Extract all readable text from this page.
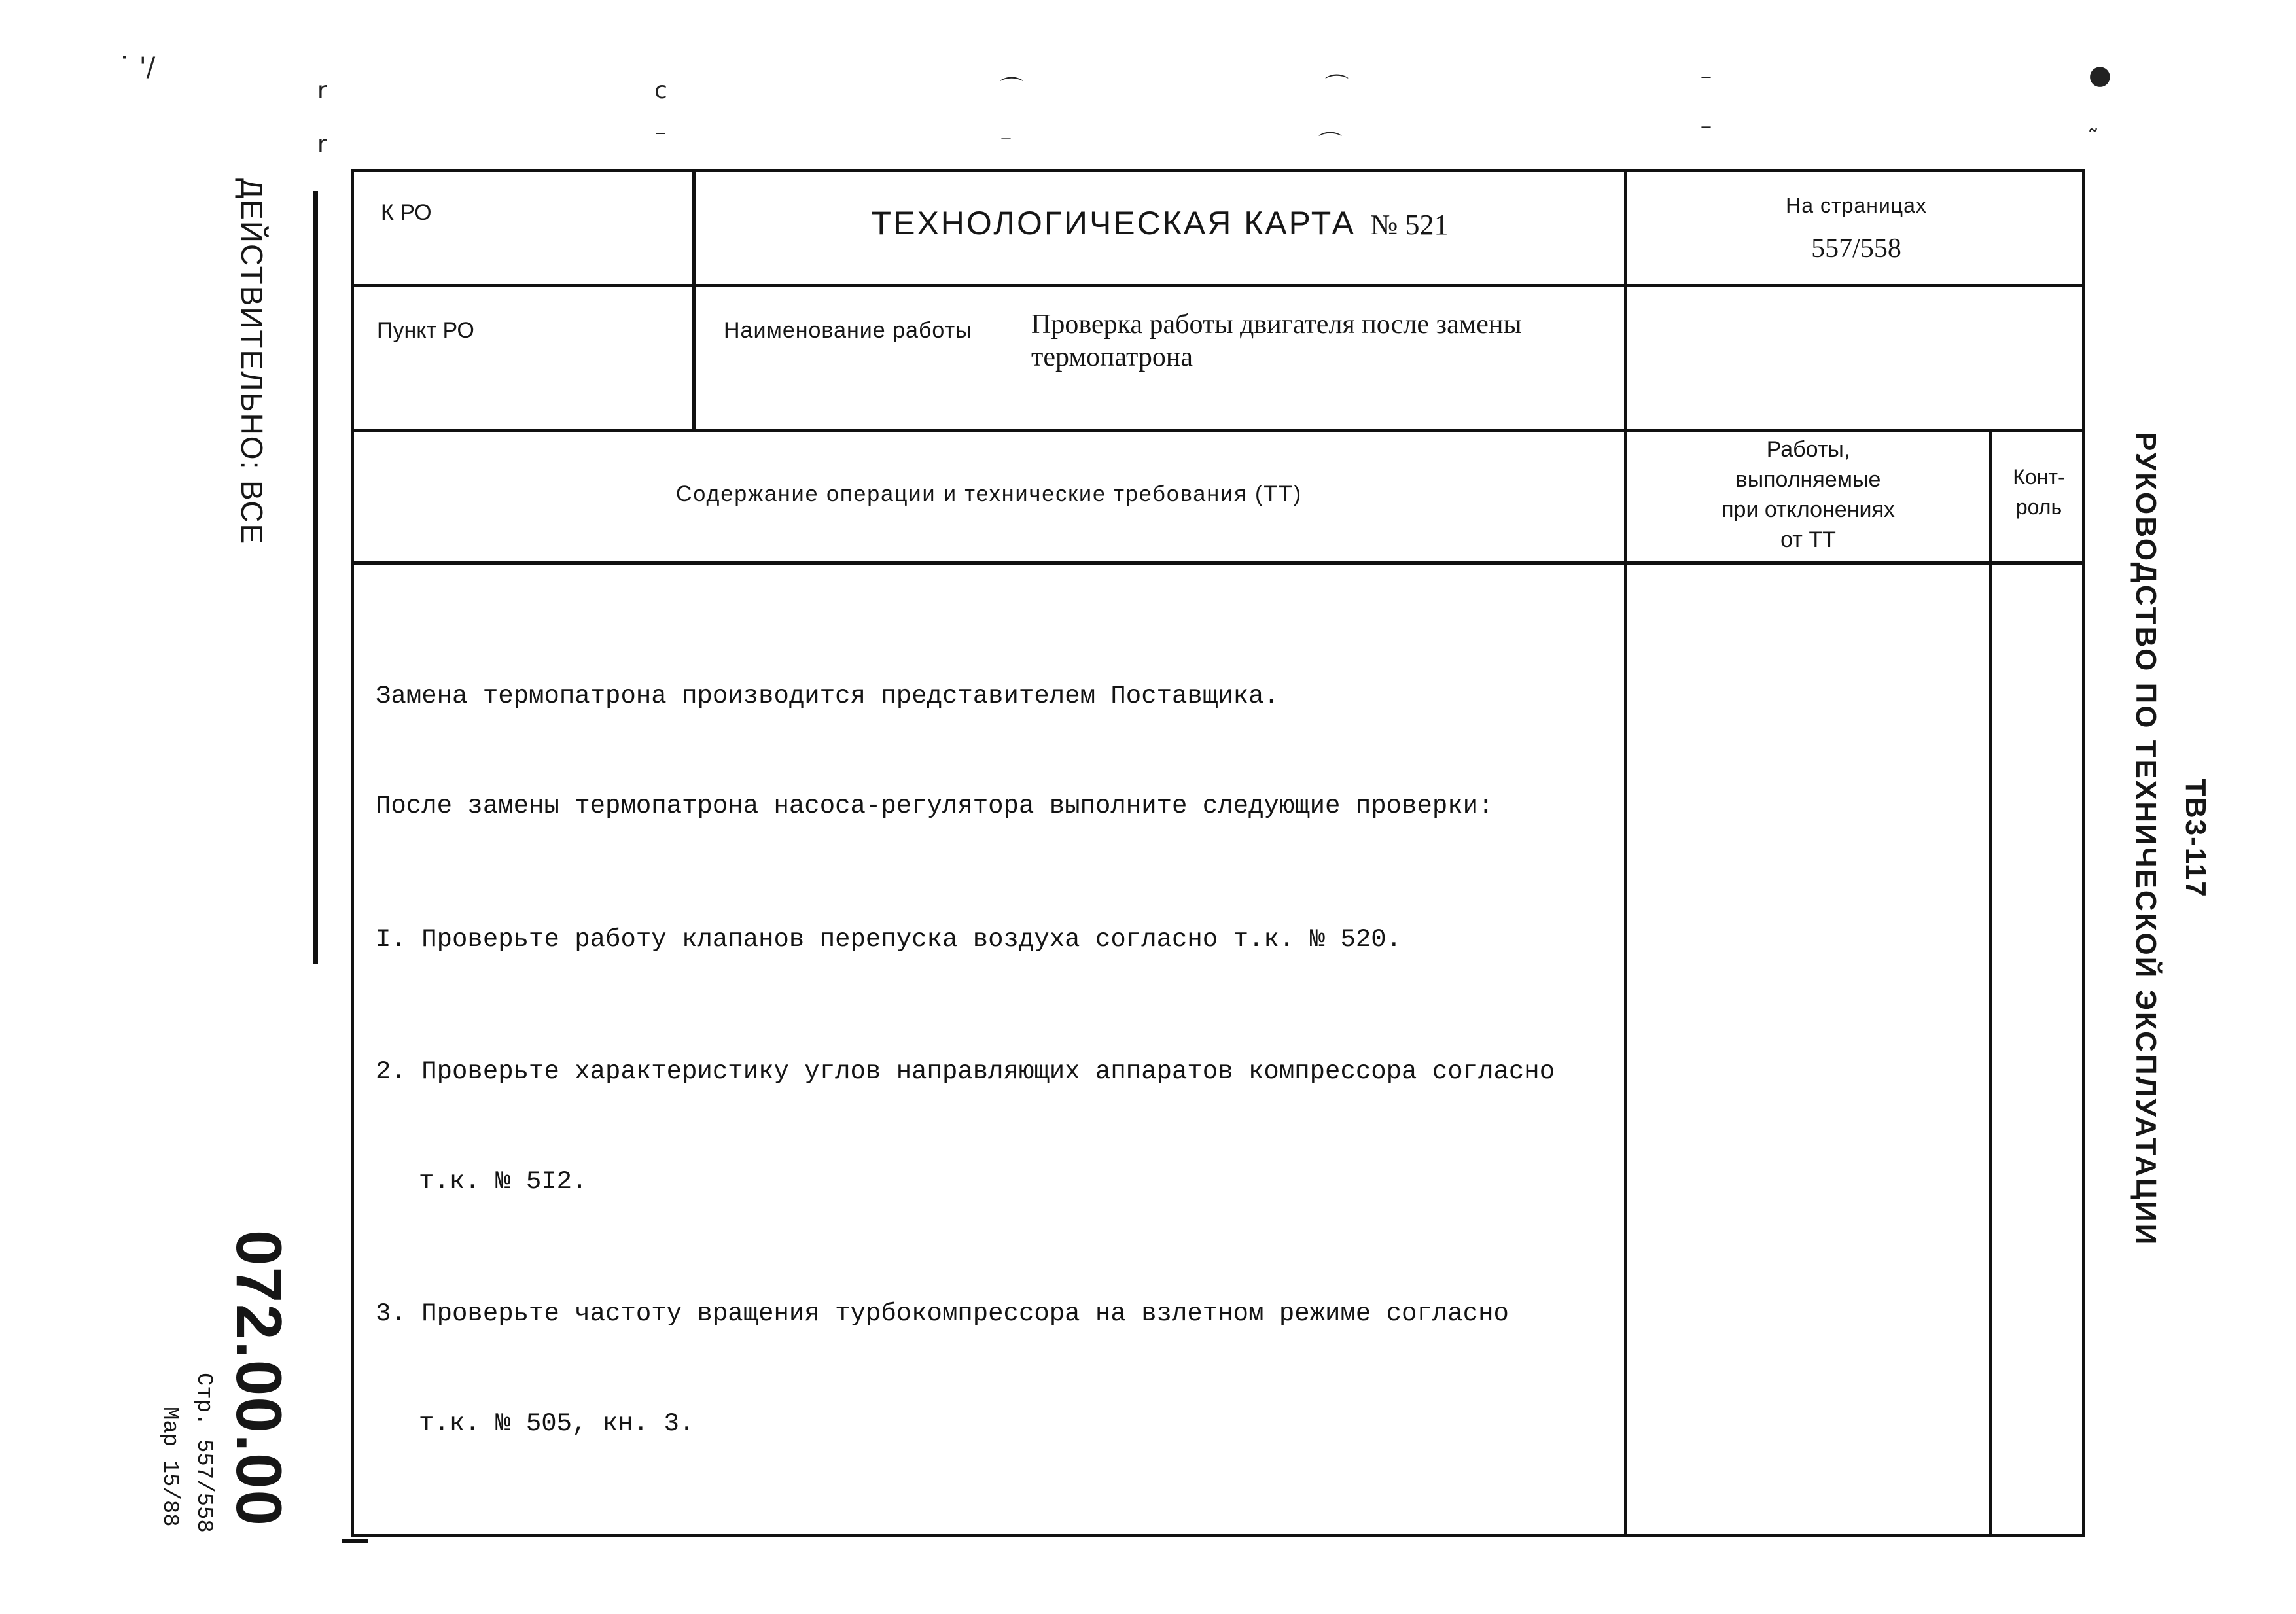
˙ '/
r
r
c
⁻
⌒
⁻
⌒
⌒
⁻
⁻
●
˜
ДЕЙСТВИТЕЛЬНО: ВСЕ
072.00.00
Стр. 557/558
Мар 15/88
ТВ3-117
РУКОВОДСТВО ПО ТЕХНИЧЕСКОЙ ЭКСПЛУАТАЦИИ
К РО	ТЕХНОЛОГИЧЕСКАЯ КАРТА № 521
На страницах
557/558
Пункт РО	Наименование работы Проверка работы двигателя после замены
термопатрона
Содержание операции и технические требования (ТТ)
Работы,
выполняемые
при отклонениях
от ТТ
Конт-
роль

Замена термопатрона производится представителем Поставщика.

После замены термопатрона насоса-регулятора выполните следующие проверки:

I. Проверьте работу клапанов перепуска воздуха согласно т.к. № 520.

2. Проверьте характеристику углов направляющих аппаратов компрессора согласно

т.к. № 5I2.

3. Проверьте частоту вращения турбокомпрессора на взлетном режиме согласно

т.к. № 505, кн. 3.
